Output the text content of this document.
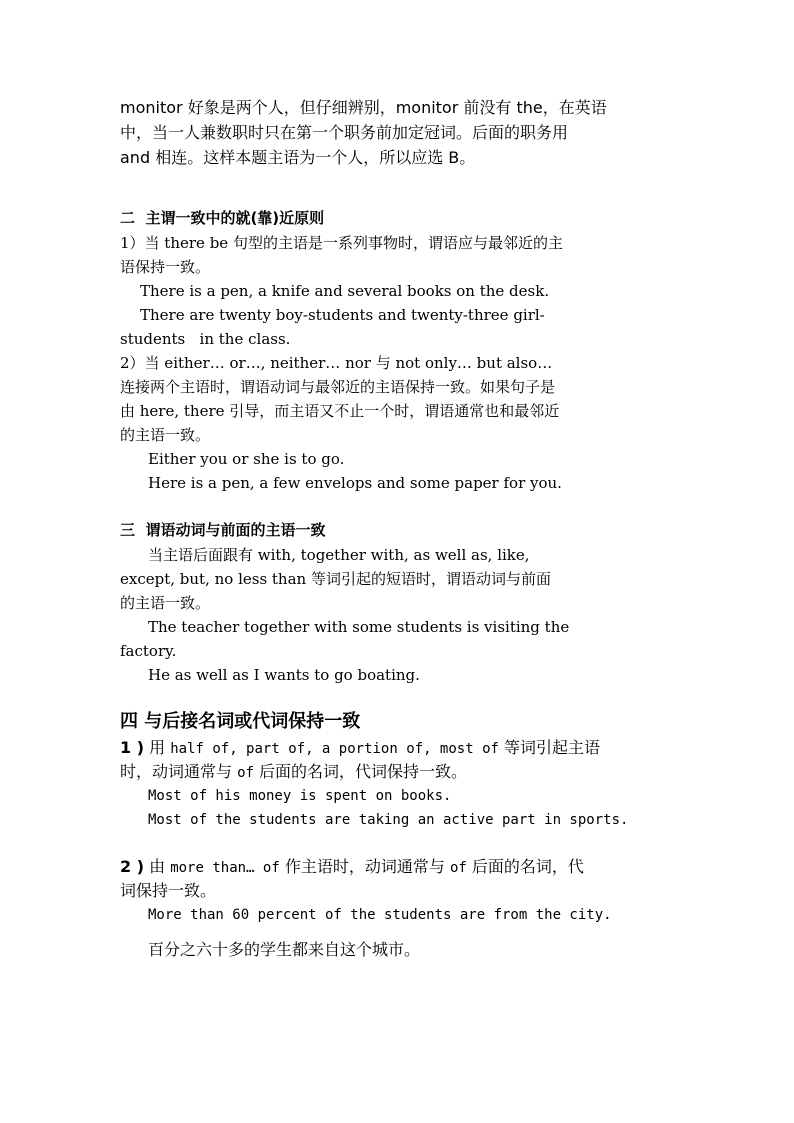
monitor 好象是两个人，但仔细辨别，monitor 前没有 the，在英语
中，当一人兼数职时只在第一个职务前加定冠词。后面的职务用
and 相连。这样本题主语为一个人，所以应选 B。
二  主谓一致中的就(靠)近原则
1）当 there be 句型的主语是一系列事物时，谓语应与最邻近的主
语保持一致。
There is a pen, a knife and several books on the desk.
There are twenty boy-students and twenty-three girl-
students   in the class.
2）当 either… or…, neither… nor 与 not only… but also…
连接两个主语时，谓语动词与最邻近的主语保持一致。如果句子是
由 here, there 引导，而主语又不止一个时，谓语通常也和最邻近
的主语一致。
Either you or she is to go.
Here is a pen, a few envelops and some paper for you.
三  谓语动词与前面的主语一致
当主语后面跟有 with, together with, as well as, like,
except, but, no less than 等词引起的短语时，谓语动词与前面
的主语一致。
The teacher together with some students is visiting the
factory.
He as well as I wants to go boating.
四 与后接名词或代词保持一致
1 ) 用 half of, part of, a portion of, most of 等词引起主语
时，动词通常与 of 后面的名词，代词保持一致。
Most of his money is spent on books.
Most of the students are taking an active part in sports.
2 ) 由 more than… of 作主语时，动词通常与 of 后面的名词，代
词保持一致。
More than 60 percent of the students are from the city.
百分之六十多的学生都来自这个城市。
